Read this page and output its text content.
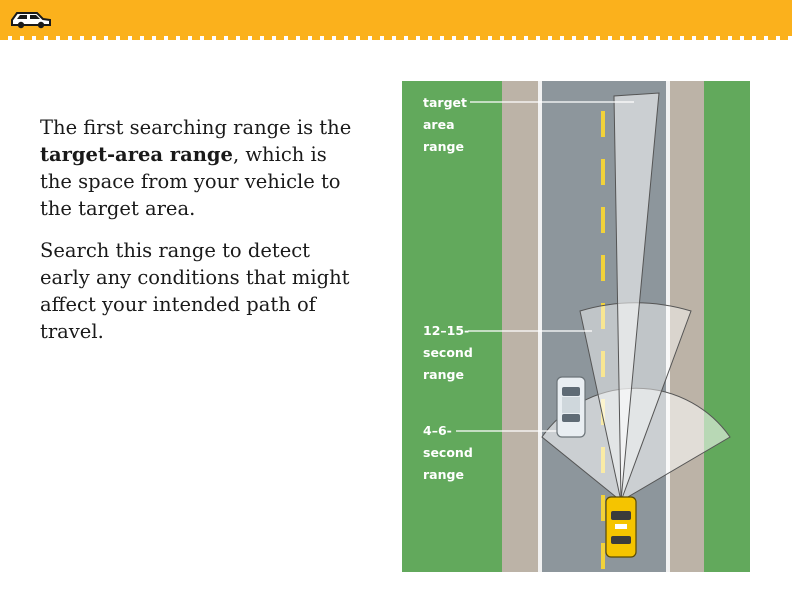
The first searching range is the target-area range, which is the space from your vehicle to the target area.

Search this range to detect early any conditions that might affect your intended path of travel.

target
area
range
12–15-
second
range
4–6-
second
range
